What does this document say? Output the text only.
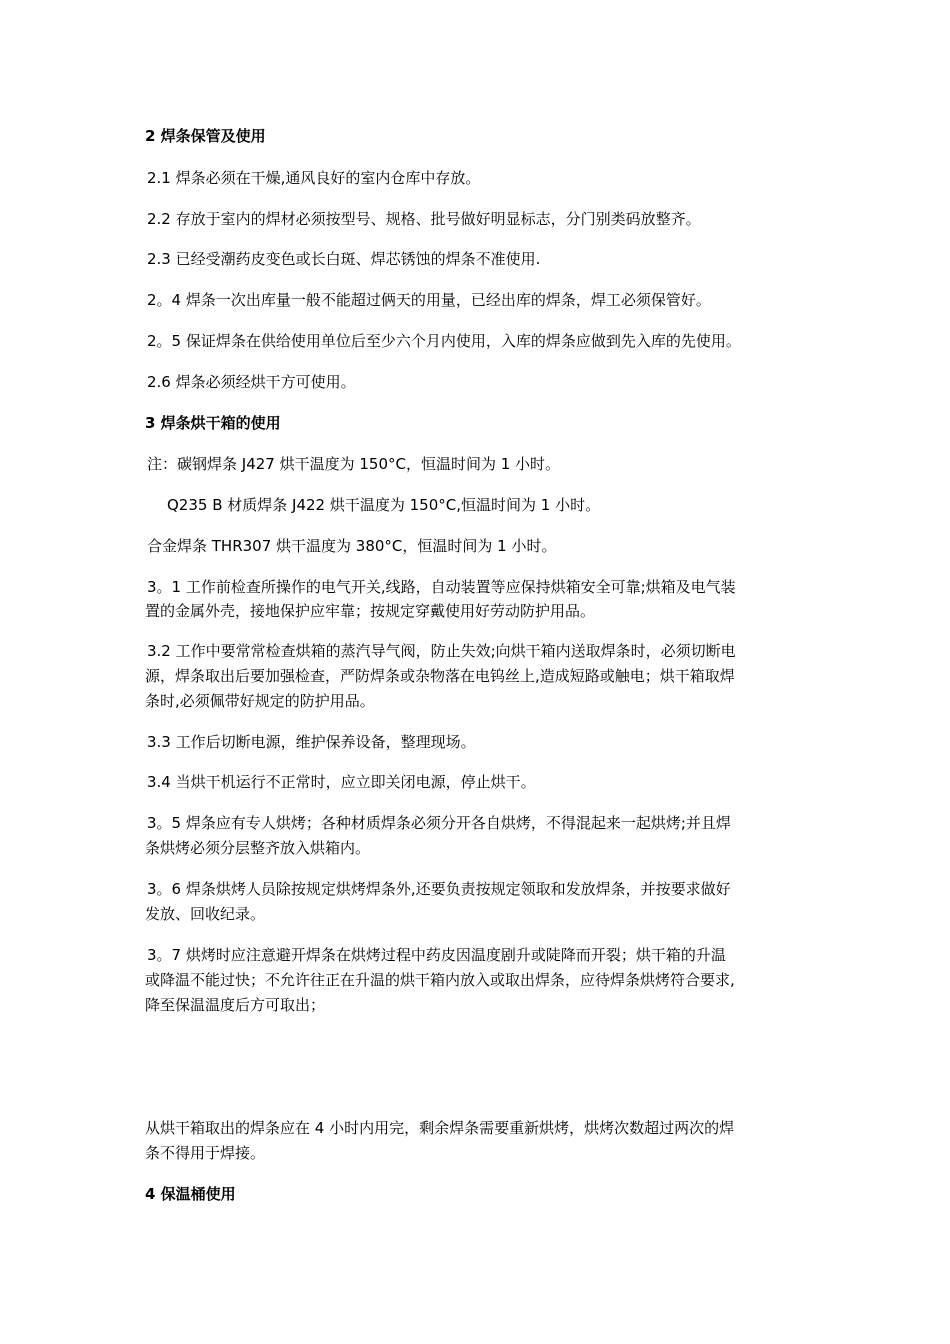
2 焊条保管及使用
2.1 焊条必须在干燥,通风良好的室内仓库中存放。
2.2 存放于室内的焊材必须按型号、规格、批号做好明显标志，分门别类码放整齐。
2.3 已经受潮药皮变色或长白斑、焊芯锈蚀的焊条不准使用.
2。4 焊条一次出库量一般不能超过俩天的用量，已经出库的焊条，焊工必须保管好。
2。5 保证焊条在供给使用单位后至少六个月内使用，入库的焊条应做到先入库的先使用。
2.6 焊条必须经烘干方可使用。
3 焊条烘干箱的使用
注：碳钢焊条 J427 烘干温度为 150°C，恒温时间为 1 小时。
Q235 B 材质焊条 J422 烘干温度为 150°C,恒温时间为 1 小时。
合金焊条 THR307 烘干温度为 380°C，恒温时间为 1 小时。
3。1 工作前检查所操作的电气开关,线路，自动装置等应保持烘箱安全可靠;烘箱及电气装
置的金属外壳，接地保护应牢靠；按规定穿戴使用好劳动防护用品。
3.2 工作中要常常检查烘箱的蒸汽导气阀，防止失效;向烘干箱内送取焊条时，必须切断电
源，焊条取出后要加强检查，严防焊条或杂物落在电钨丝上,造成短路或触电；烘干箱取焊
条时,必须佩带好规定的防护用品。
3.3 工作后切断电源，维护保养设备，整理现场。
3.4 当烘干机运行不正常时，应立即关闭电源，停止烘干。
3。5 焊条应有专人烘烤；各种材质焊条必须分开各自烘烤，不得混起来一起烘烤;并且焊
条烘烤必须分层整齐放入烘箱内。
3。6 焊条烘烤人员除按规定烘烤焊条外,还要负责按规定领取和发放焊条，并按要求做好
发放、回收纪录。
3。7 烘烤时应注意避开焊条在烘烤过程中药皮因温度剧升或陡降而开裂；烘干箱的升温
或降温不能过快；不允许往正在升温的烘干箱内放入或取出焊条，应待焊条烘烤符合要求,
降至保温温度后方可取出；
从烘干箱取出的焊条应在 4 小时内用完，剩余焊条需要重新烘烤，烘烤次数超过两次的焊
条不得用于焊接。
4 保温桶使用
